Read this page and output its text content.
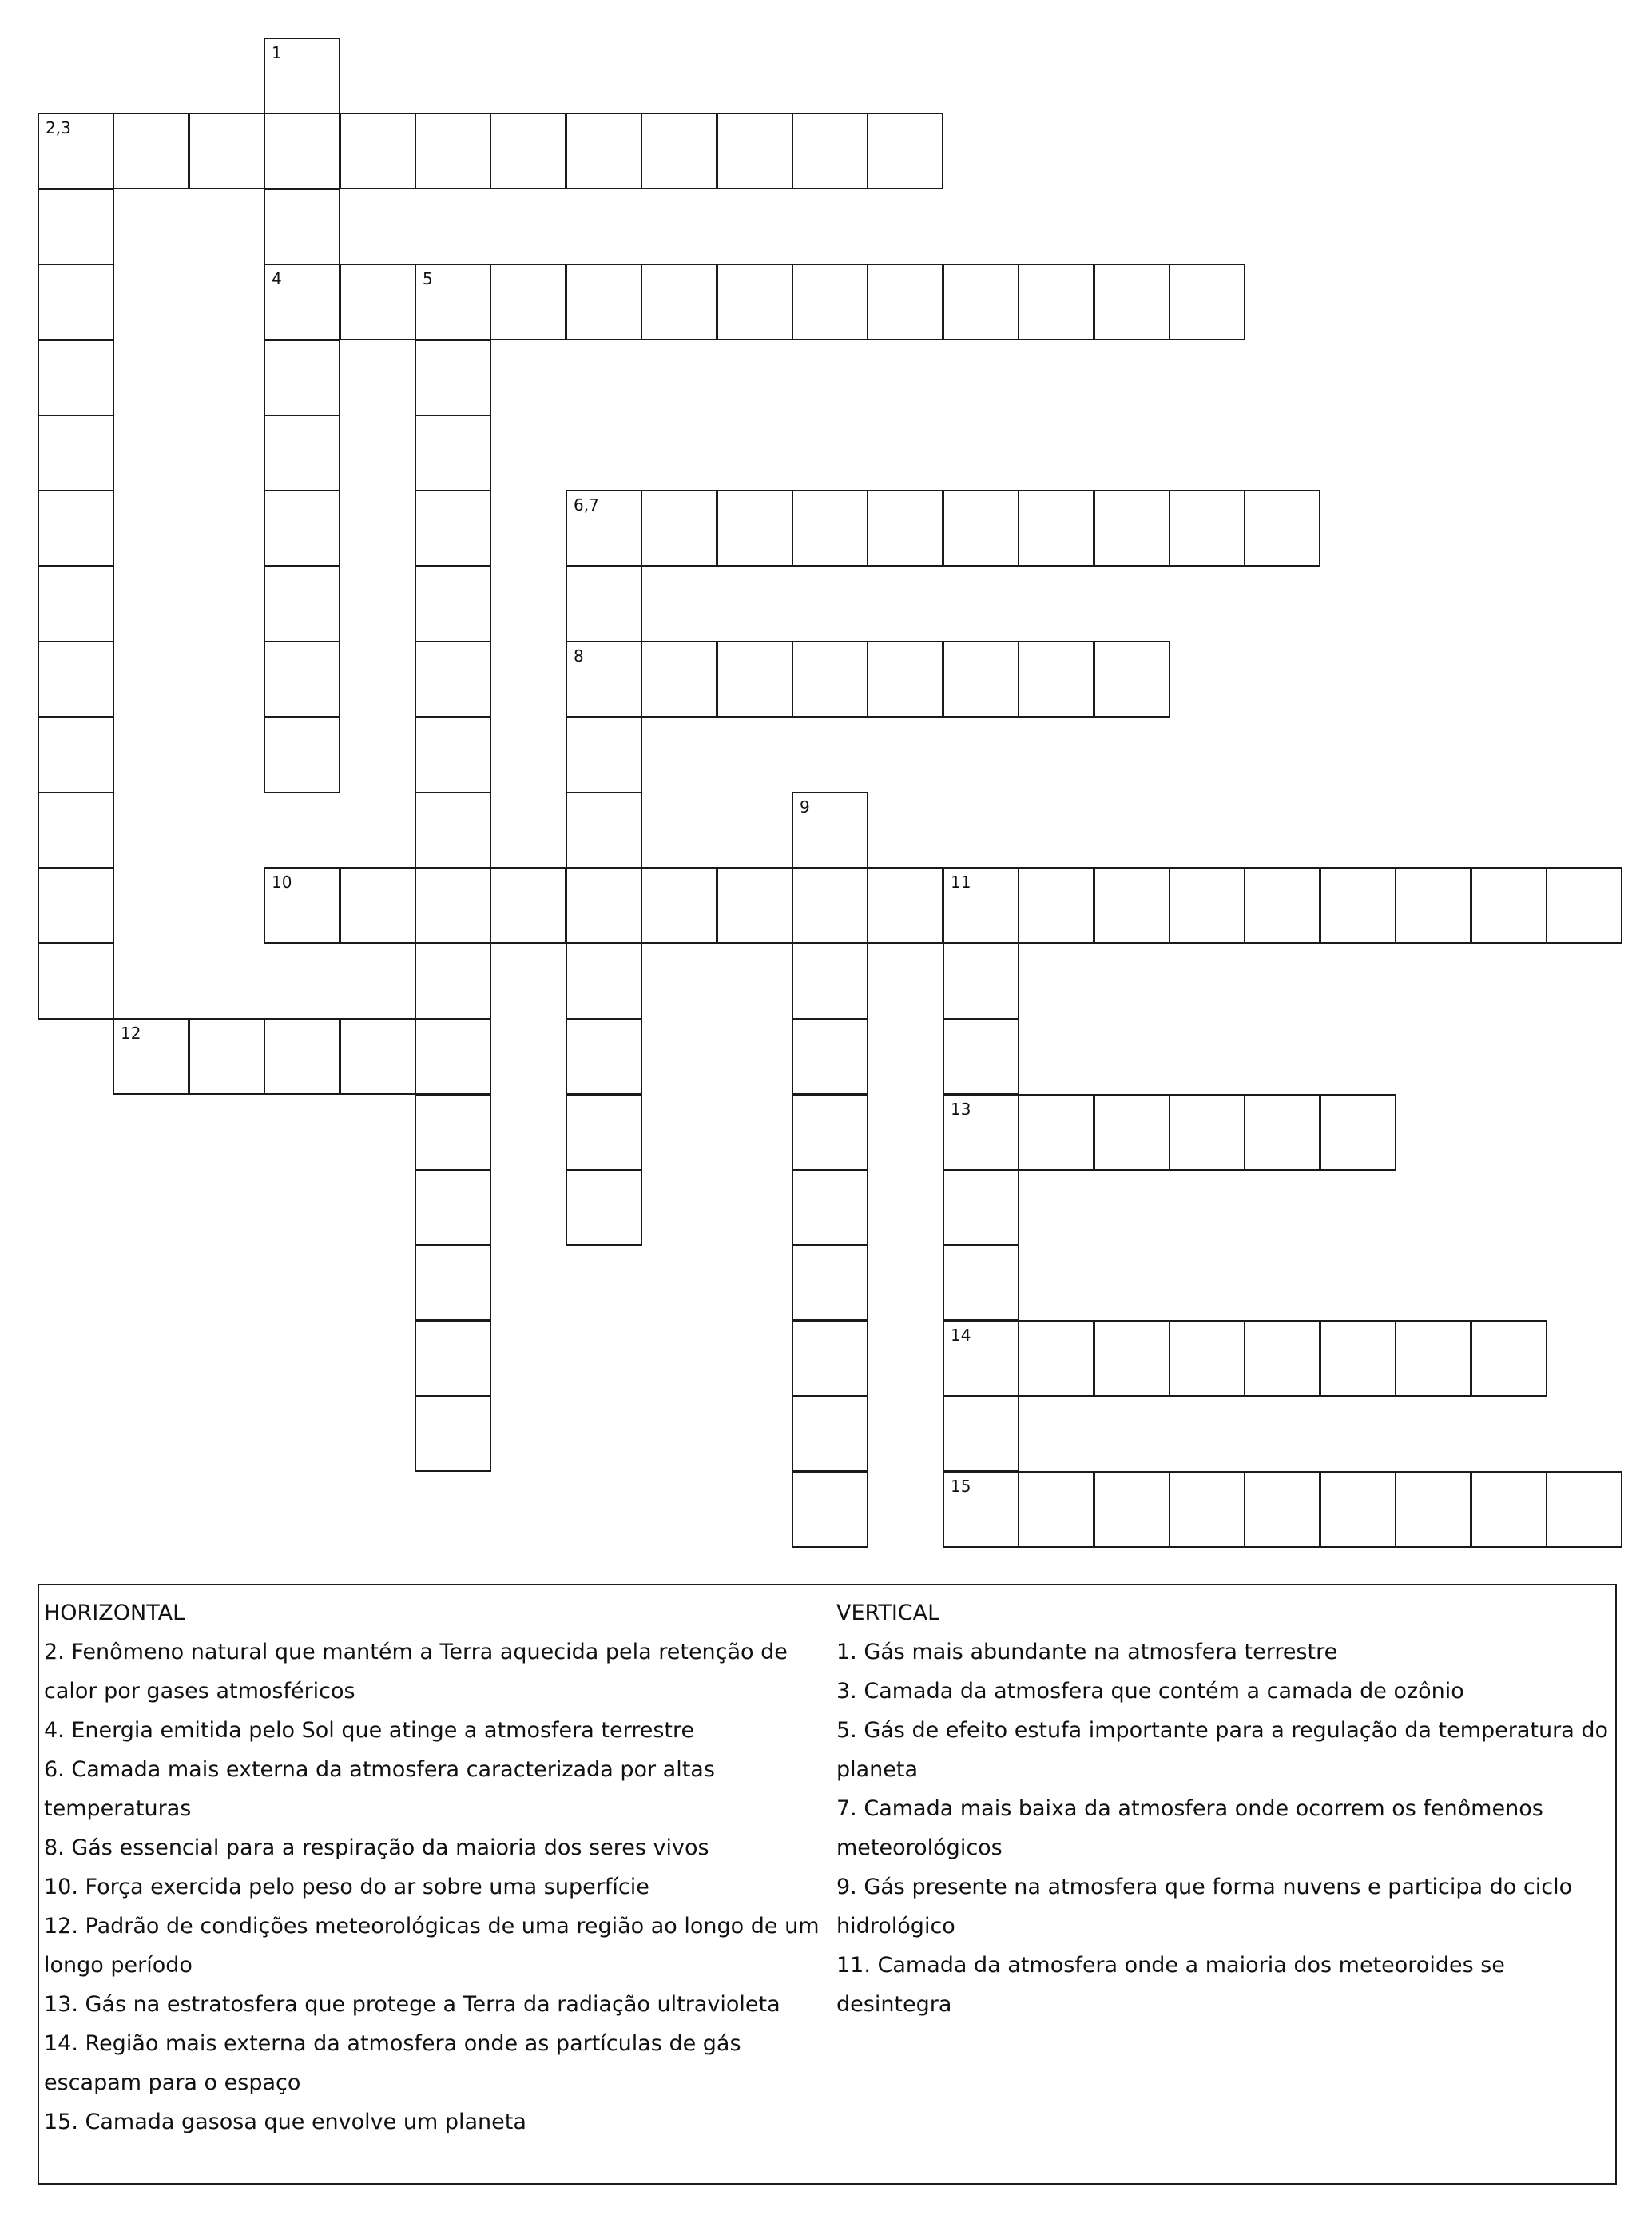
1
4
2,3
5
6,7
8
9
10	11
13
14
15
12
HORIZONTAL
2. Fenômeno natural que mantém a Terra aquecida pela retenção de calor por gases atmosféricos
4. Energia emitida pelo Sol que atinge a atmosfera terrestre
6. Camada mais externa da atmosfera caracterizada por altas temperaturas
8. Gás essencial para a respiração da maioria dos seres vivos
10. Força exercida pelo peso do ar sobre uma superfície
12. Padrão de condições meteorológicas de uma região ao longo de um longo período
13. Gás na estratosfera que protege a Terra da radiação ultravioleta
14. Região mais externa da atmosfera onde as partículas de gás escapam para o espaço
15. Camada gasosa que envolve um planeta
VERTICAL
1. Gás mais abundante na atmosfera terrestre
3. Camada da atmosfera que contém a camada de ozônio
5. Gás de efeito estufa importante para a regulação da temperatura do planeta
7. Camada mais baixa da atmosfera onde ocorrem os fenômenos meteorológicos
9. Gás presente na atmosfera que forma nuvens e participa do ciclo hidrológico
11. Camada da atmosfera onde a maioria dos meteoroides se desintegra
